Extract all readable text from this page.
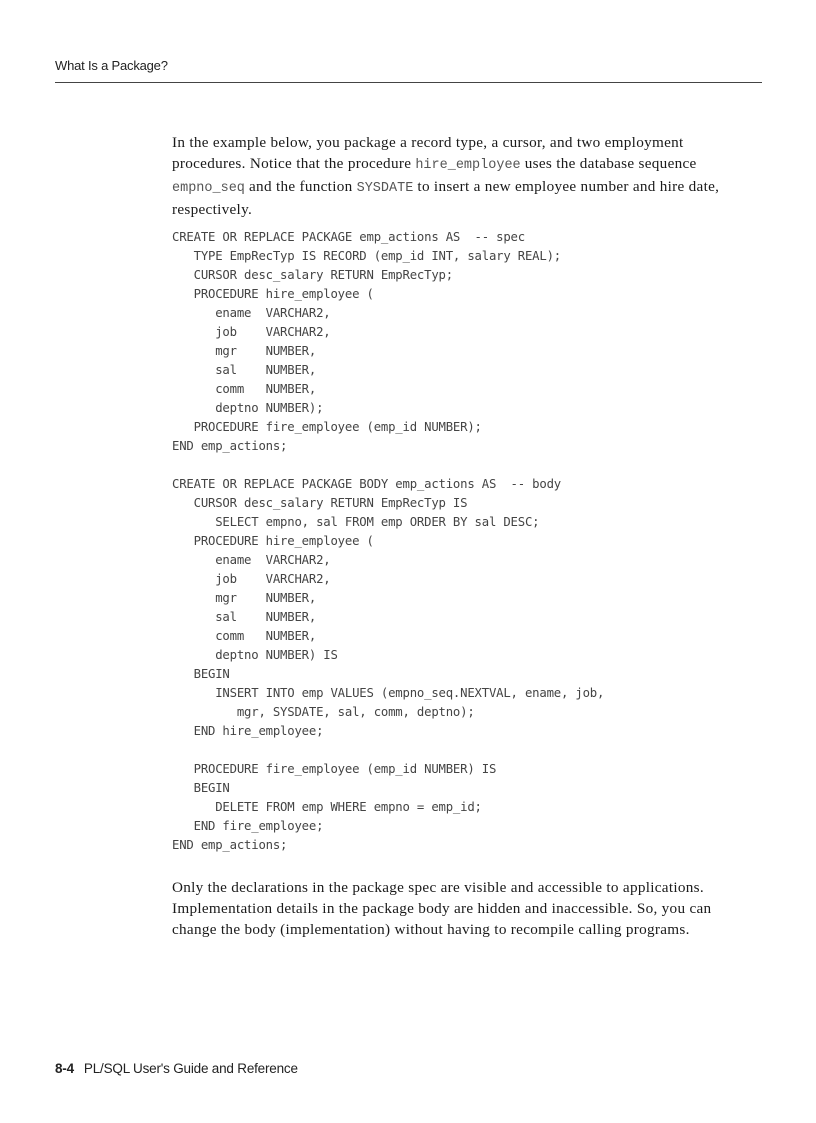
What Is a Package?

In the example below, you package a record type, a cursor, and two employment procedures. Notice that the procedure hire_employee uses the database sequence empno_seq and the function SYSDATE to insert a new employee number and hire date, respectively.

CREATE OR REPLACE PACKAGE emp_actions AS  -- spec
TYPE EmpRecTyp IS RECORD (emp_id INT, salary REAL);
CURSOR desc_salary RETURN EmpRecTyp;
PROCEDURE hire_employee (
ename  VARCHAR2,
job    VARCHAR2,
mgr    NUMBER,
sal    NUMBER,
comm   NUMBER,
deptno NUMBER);
PROCEDURE fire_employee (emp_id NUMBER);
END emp_actions;
CREATE OR REPLACE PACKAGE BODY emp_actions AS  -- body
CURSOR desc_salary RETURN EmpRecTyp IS
SELECT empno, sal FROM emp ORDER BY sal DESC;
PROCEDURE hire_employee (
ename  VARCHAR2,
job    VARCHAR2,
mgr    NUMBER,
sal    NUMBER,
comm   NUMBER,
deptno NUMBER) IS
BEGIN
INSERT INTO emp VALUES (empno_seq.NEXTVAL, ename, job,
mgr, SYSDATE, sal, comm, deptno);
END hire_employee;
PROCEDURE fire_employee (emp_id NUMBER) IS
BEGIN
DELETE FROM emp WHERE empno = emp_id;
END fire_employee;
END emp_actions;

Only the declarations in the package spec are visible and accessible to applications. Implementation details in the package body are hidden and inaccessible. So, you can change the body (implementation) without having to recompile calling programs.

8-4 PL/SQL User's Guide and Reference
